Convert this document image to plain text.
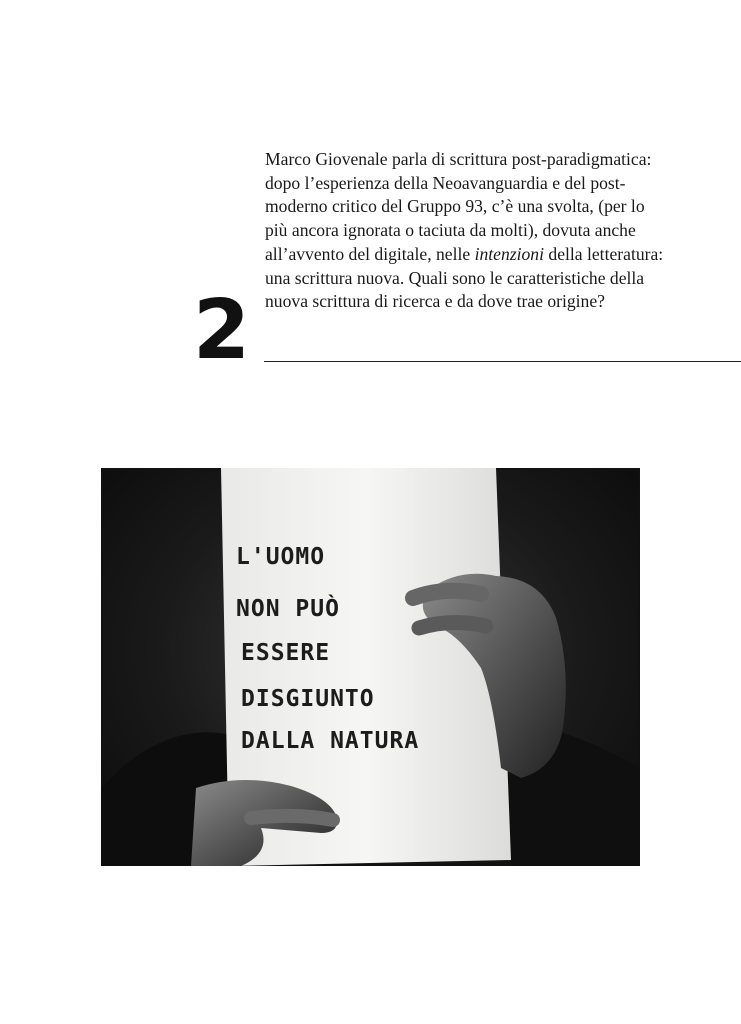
2

Marco Giovenale parla di scrittura post-paradigmatica: dopo l’esperienza della Neoavanguardia e del post-moderno critico del Gruppo 93, c’è una svolta, (per lo più ancora ignorata o taciuta da molti), dovuta anche all’avvento del digitale, nelle intenzioni della letteratura: una scrittura nuova. Quali sono le caratteristiche della nuova scrittura di ricerca e da dove trae origine?

L'UOMO
NON PUÒ
ESSERE
DISGIUNTO
DALLA NATURA
